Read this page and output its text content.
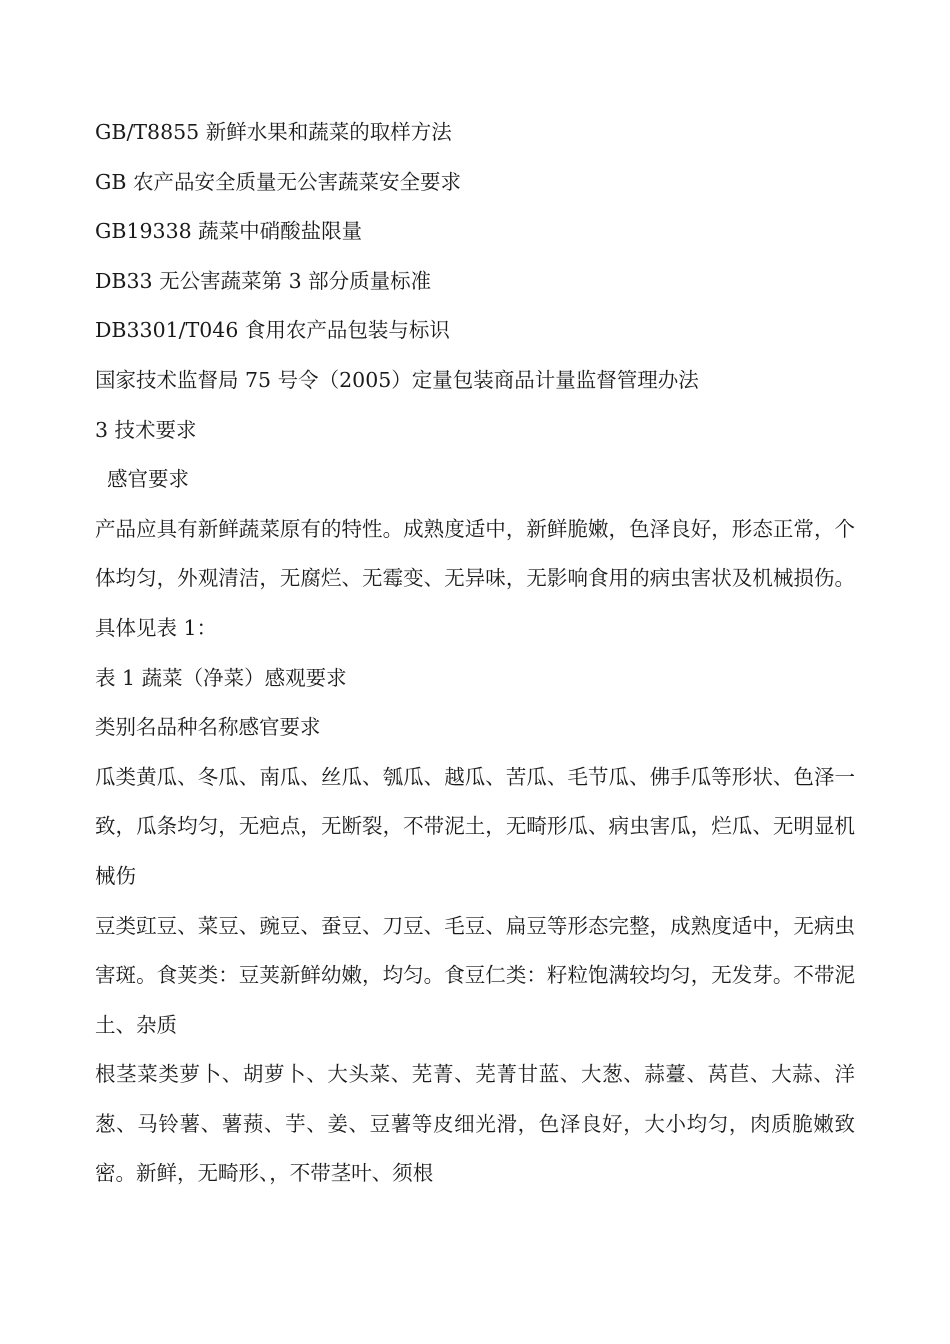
GB/T8855 新鲜水果和蔬菜的取样方法
GB 农产品安全质量无公害蔬菜安全要求
GB19338 蔬菜中硝酸盐限量
DB33 无公害蔬菜第 3 部分质量标准
DB3301/T046 食用农产品包装与标识
国家技术监督局 75 号令（2005）定量包装商品计量监督管理办法
3 技术要求
感官要求

产品应具有新鲜蔬菜原有的特性。成熟度适中，新鲜脆嫩，色泽良好，形态正常，个体均匀，外观清洁，无腐烂、无霉变、无异味，无影响食用的病虫害状及机械损伤。具体见表 1：

表 1 蔬菜（净菜）感观要求
类别名品种名称感官要求

瓜类黄瓜、冬瓜、南瓜、丝瓜、瓠瓜、越瓜、苦瓜、毛节瓜、佛手瓜等形状、色泽一致，瓜条均匀，无疤点，无断裂，不带泥土，无畸形瓜、病虫害瓜，烂瓜、无明显机械伤

豆类豇豆、菜豆、豌豆、蚕豆、刀豆、毛豆、扁豆等形态完整，成熟度适中，无病虫害斑。食荚类：豆荚新鲜幼嫩，均匀。食豆仁类：籽粒饱满较均匀，无发芽。不带泥土、杂质

根茎菜类萝卜、胡萝卜、大头菜、芜菁、芜菁甘蓝、大葱、蒜薹、莴苣、大蒜、洋葱、马铃薯、薯蓣、芋、姜、豆薯等皮细光滑，色泽良好，大小均匀，肉质脆嫩致密。新鲜，无畸形、，不带茎叶、须根
